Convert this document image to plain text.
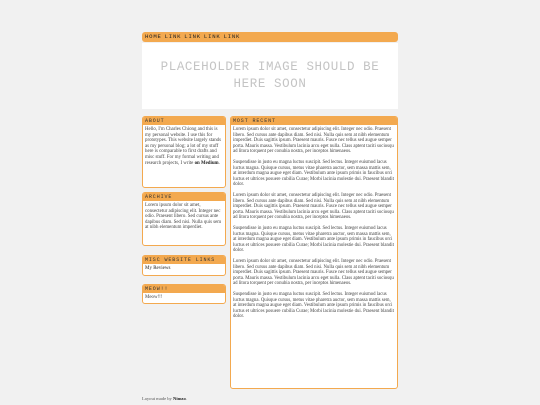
HOME LINK LINK LINK LINK
PLACEHOLDER IMAGE SHOULD BE HERE SOON
ABOUT
Hello, I'm Charles Chiong and this is my personal website. I use this for prototypes. This website largely stands as my personal blog; a lot of my stuff here is comparable to first drafts and misc stuff. For my formal writing and research projects, I write on Medium.
ARCHIVE
Lorem ipsum dolor sit amet, consectetur adipiscing elit. Integer nec odio. Praesent libero. Sed cursus ante dapibus diam. Sed nisi. Nulla quis sem at nibh elementum imperdiet.
MISC WEBSITE LINKS
My Reviews
MEOW!!
Meow!!!
MOST RECENT

Lorem ipsum dolor sit amet, consectetur adipiscing elit. Integer nec odio. Praesent libero. Sed cursus ante dapibus diam. Sed nisi. Nulla quis sem at nibh elementum imperdiet. Duis sagittis ipsum. Praesent mauris. Fusce nec tellus sed augue semper porta. Mauris massa. Vestibulum lacinia arcu eget nulla. Class aptent taciti sociosqu ad litora torquent per conubia nostra, per inceptos himenaeos.

Suspendisse in justo eu magna luctus suscipit. Sed lectus. Integer euismod lacus luctus magna. Quisque cursus, metus vitae pharetra auctor, sem massa mattis sem, at interdum magna augue eget diam. Vestibulum ante ipsum primis in faucibus orci luctus et ultrices posuere cubilia Curae; Morbi lacinia molestie dui. Praesent blandit dolor.

Lorem ipsum dolor sit amet, consectetur adipiscing elit. Integer nec odio. Praesent libero. Sed cursus ante dapibus diam. Sed nisi. Nulla quis sem at nibh elementum imperdiet. Duis sagittis ipsum. Praesent mauris. Fusce nec tellus sed augue semper porta. Mauris massa. Vestibulum lacinia arcu eget nulla. Class aptent taciti sociosqu ad litora torquent per conubia nostra, per inceptos himenaeos.

Suspendisse in justo eu magna luctus suscipit. Sed lectus. Integer euismod lacus luctus magna. Quisque cursus, metus vitae pharetra auctor, sem massa mattis sem, at interdum magna augue eget diam. Vestibulum ante ipsum primis in faucibus orci luctus et ultrices posuere cubilia Curae; Morbi lacinia molestie dui. Praesent blandit dolor.

Lorem ipsum dolor sit amet, consectetur adipiscing elit. Integer nec odio. Praesent libero. Sed cursus ante dapibus diam. Sed nisi. Nulla quis sem at nibh elementum imperdiet. Duis sagittis ipsum. Praesent mauris. Fusce nec tellus sed augue semper porta. Mauris massa. Vestibulum lacinia arcu eget nulla. Class aptent taciti sociosqu ad litora torquent per conubia nostra, per inceptos himenaeos.

Suspendisse in justo eu magna luctus suscipit. Sed lectus. Integer euismod lacus luctus magna. Quisque cursus, metus vitae pharetra auctor, sem massa mattis sem, at interdum magna augue eget diam. Vestibulum ante ipsum primis in faucibus orci luctus et ultrices posuere cubilia Curae; Morbi lacinia molestie dui. Praesent blandit dolor.

Layout made by Nimzo.
